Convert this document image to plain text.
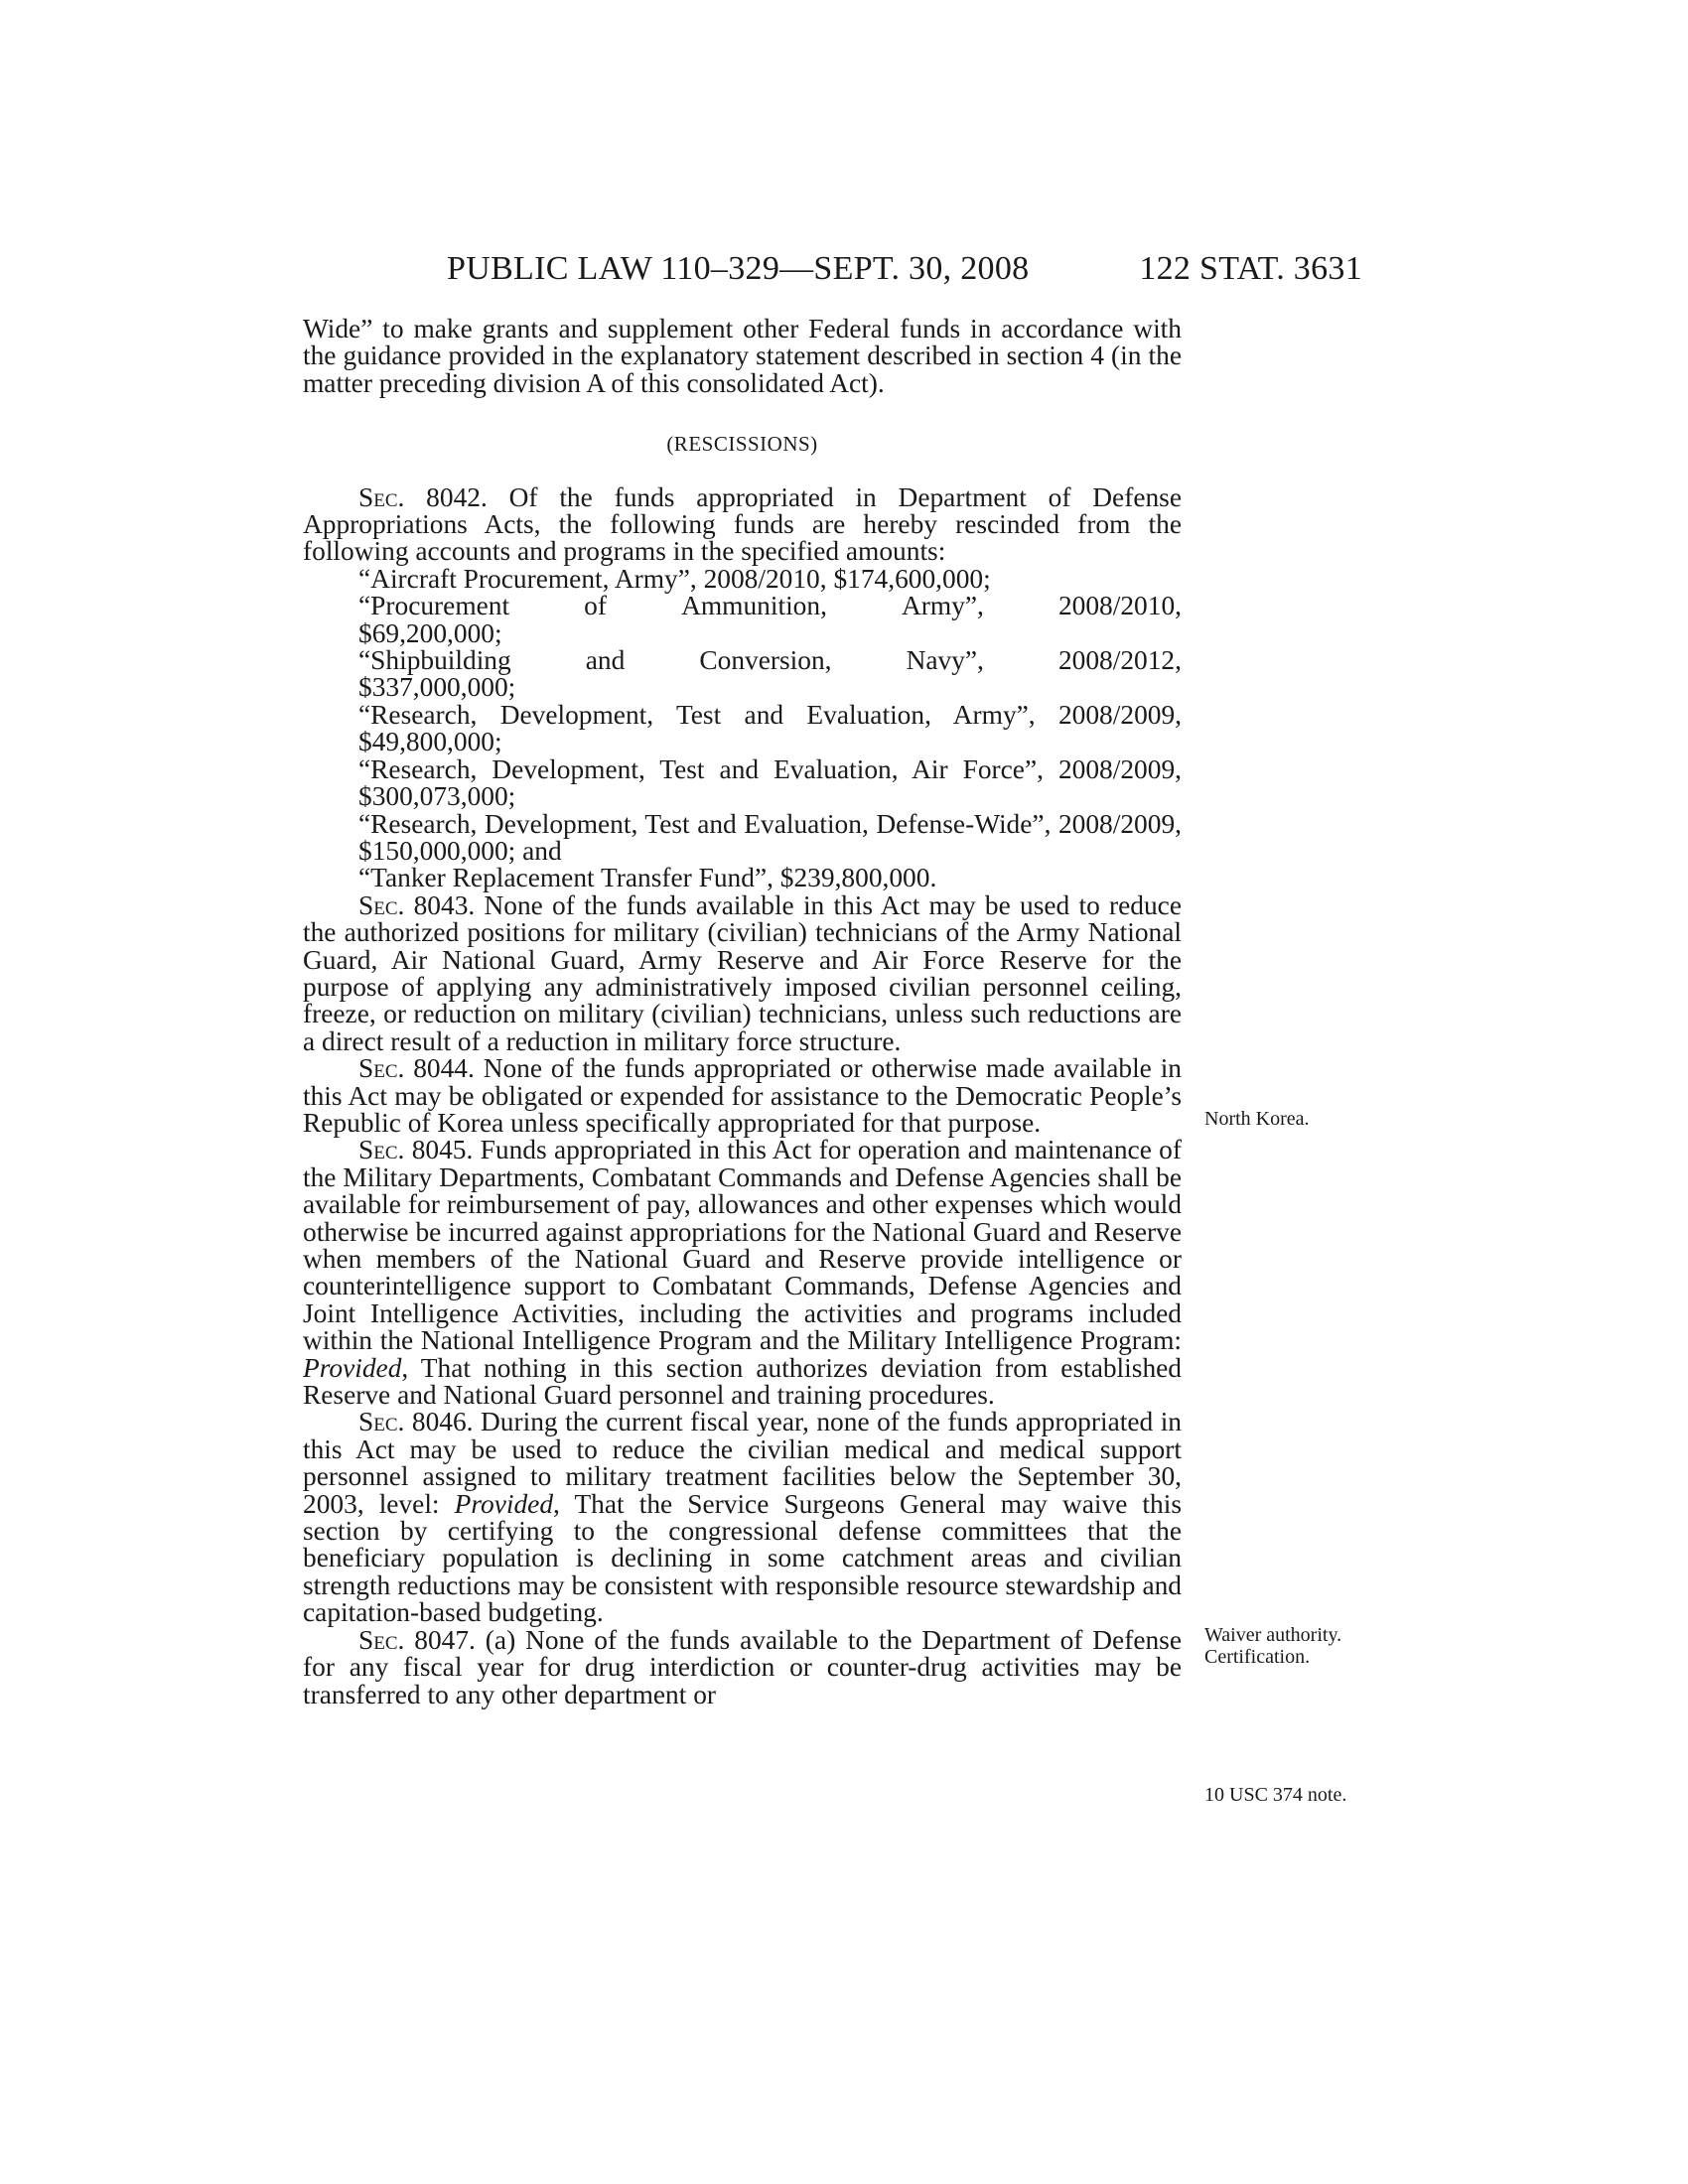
PUBLIC LAW 110–329—SEPT. 30, 2008	122 STAT. 3631

Wide” to make grants and supplement other Federal funds in accordance with the guidance provided in the explanatory statement described in section 4 (in the matter preceding division A of this consolidated Act).

(RESCISSIONS)

Sec. 8042. Of the funds appropriated in Department of Defense Appropriations Acts, the following funds are hereby rescinded from the following accounts and programs in the specified amounts:

“Aircraft Procurement, Army”, 2008/2010, $174,600,000;

“Procurement	of	Ammunition,	Army”,	2008/2010,
$69,200,000;
“Shipbuilding	and	Conversion,	Navy”,	2008/2012,
$337,000,000;

“Research, Development, Test and Evaluation, Army”, 2008/2009, $49,800,000;

“Research, Development, Test and Evaluation, Air Force”, 2008/2009, $300,073,000;

“Research, Development, Test and Evaluation, Defense-Wide”, 2008/2009, $150,000,000; and

“Tanker Replacement Transfer Fund”, $239,800,000.

Sec. 8043. None of the funds available in this Act may be used to reduce the authorized positions for military (civilian) technicians of the Army National Guard, Air National Guard, Army Reserve and Air Force Reserve for the purpose of applying any administratively imposed civilian personnel ceiling, freeze, or reduction on military (civilian) technicians, unless such reductions are a direct result of a reduction in military force structure.

Sec. 8044. None of the funds appropriated or otherwise made available in this Act may be obligated or expended for assistance to the Democratic People’s Republic of Korea unless specifically appropriated for that purpose.

Sec. 8045. Funds appropriated in this Act for operation and maintenance of the Military Departments, Combatant Commands and Defense Agencies shall be available for reimbursement of pay, allowances and other expenses which would otherwise be incurred against appropriations for the National Guard and Reserve when members of the National Guard and Reserve provide intelligence or counterintelligence support to Combatant Commands, Defense Agencies and Joint Intelligence Activities, including the activities and programs included within the National Intelligence Program and the Military Intelligence Program: Provided, That nothing in this section authorizes deviation from established Reserve and National Guard personnel and training procedures.

Sec. 8046. During the current fiscal year, none of the funds appropriated in this Act may be used to reduce the civilian medical and medical support personnel assigned to military treatment facilities below the September 30, 2003, level: Provided, That the Service Surgeons General may waive this section by certifying to the congressional defense committees that the beneficiary population is declining in some catchment areas and civilian strength reductions may be consistent with responsible resource stewardship and capitation-based budgeting.

Sec. 8047. (a) None of the funds available to the Department of Defense for any fiscal year for drug interdiction or counter-drug activities may be transferred to any other department or

North Korea.
Waiver authority.
Certification.
10 USC 374 note.
